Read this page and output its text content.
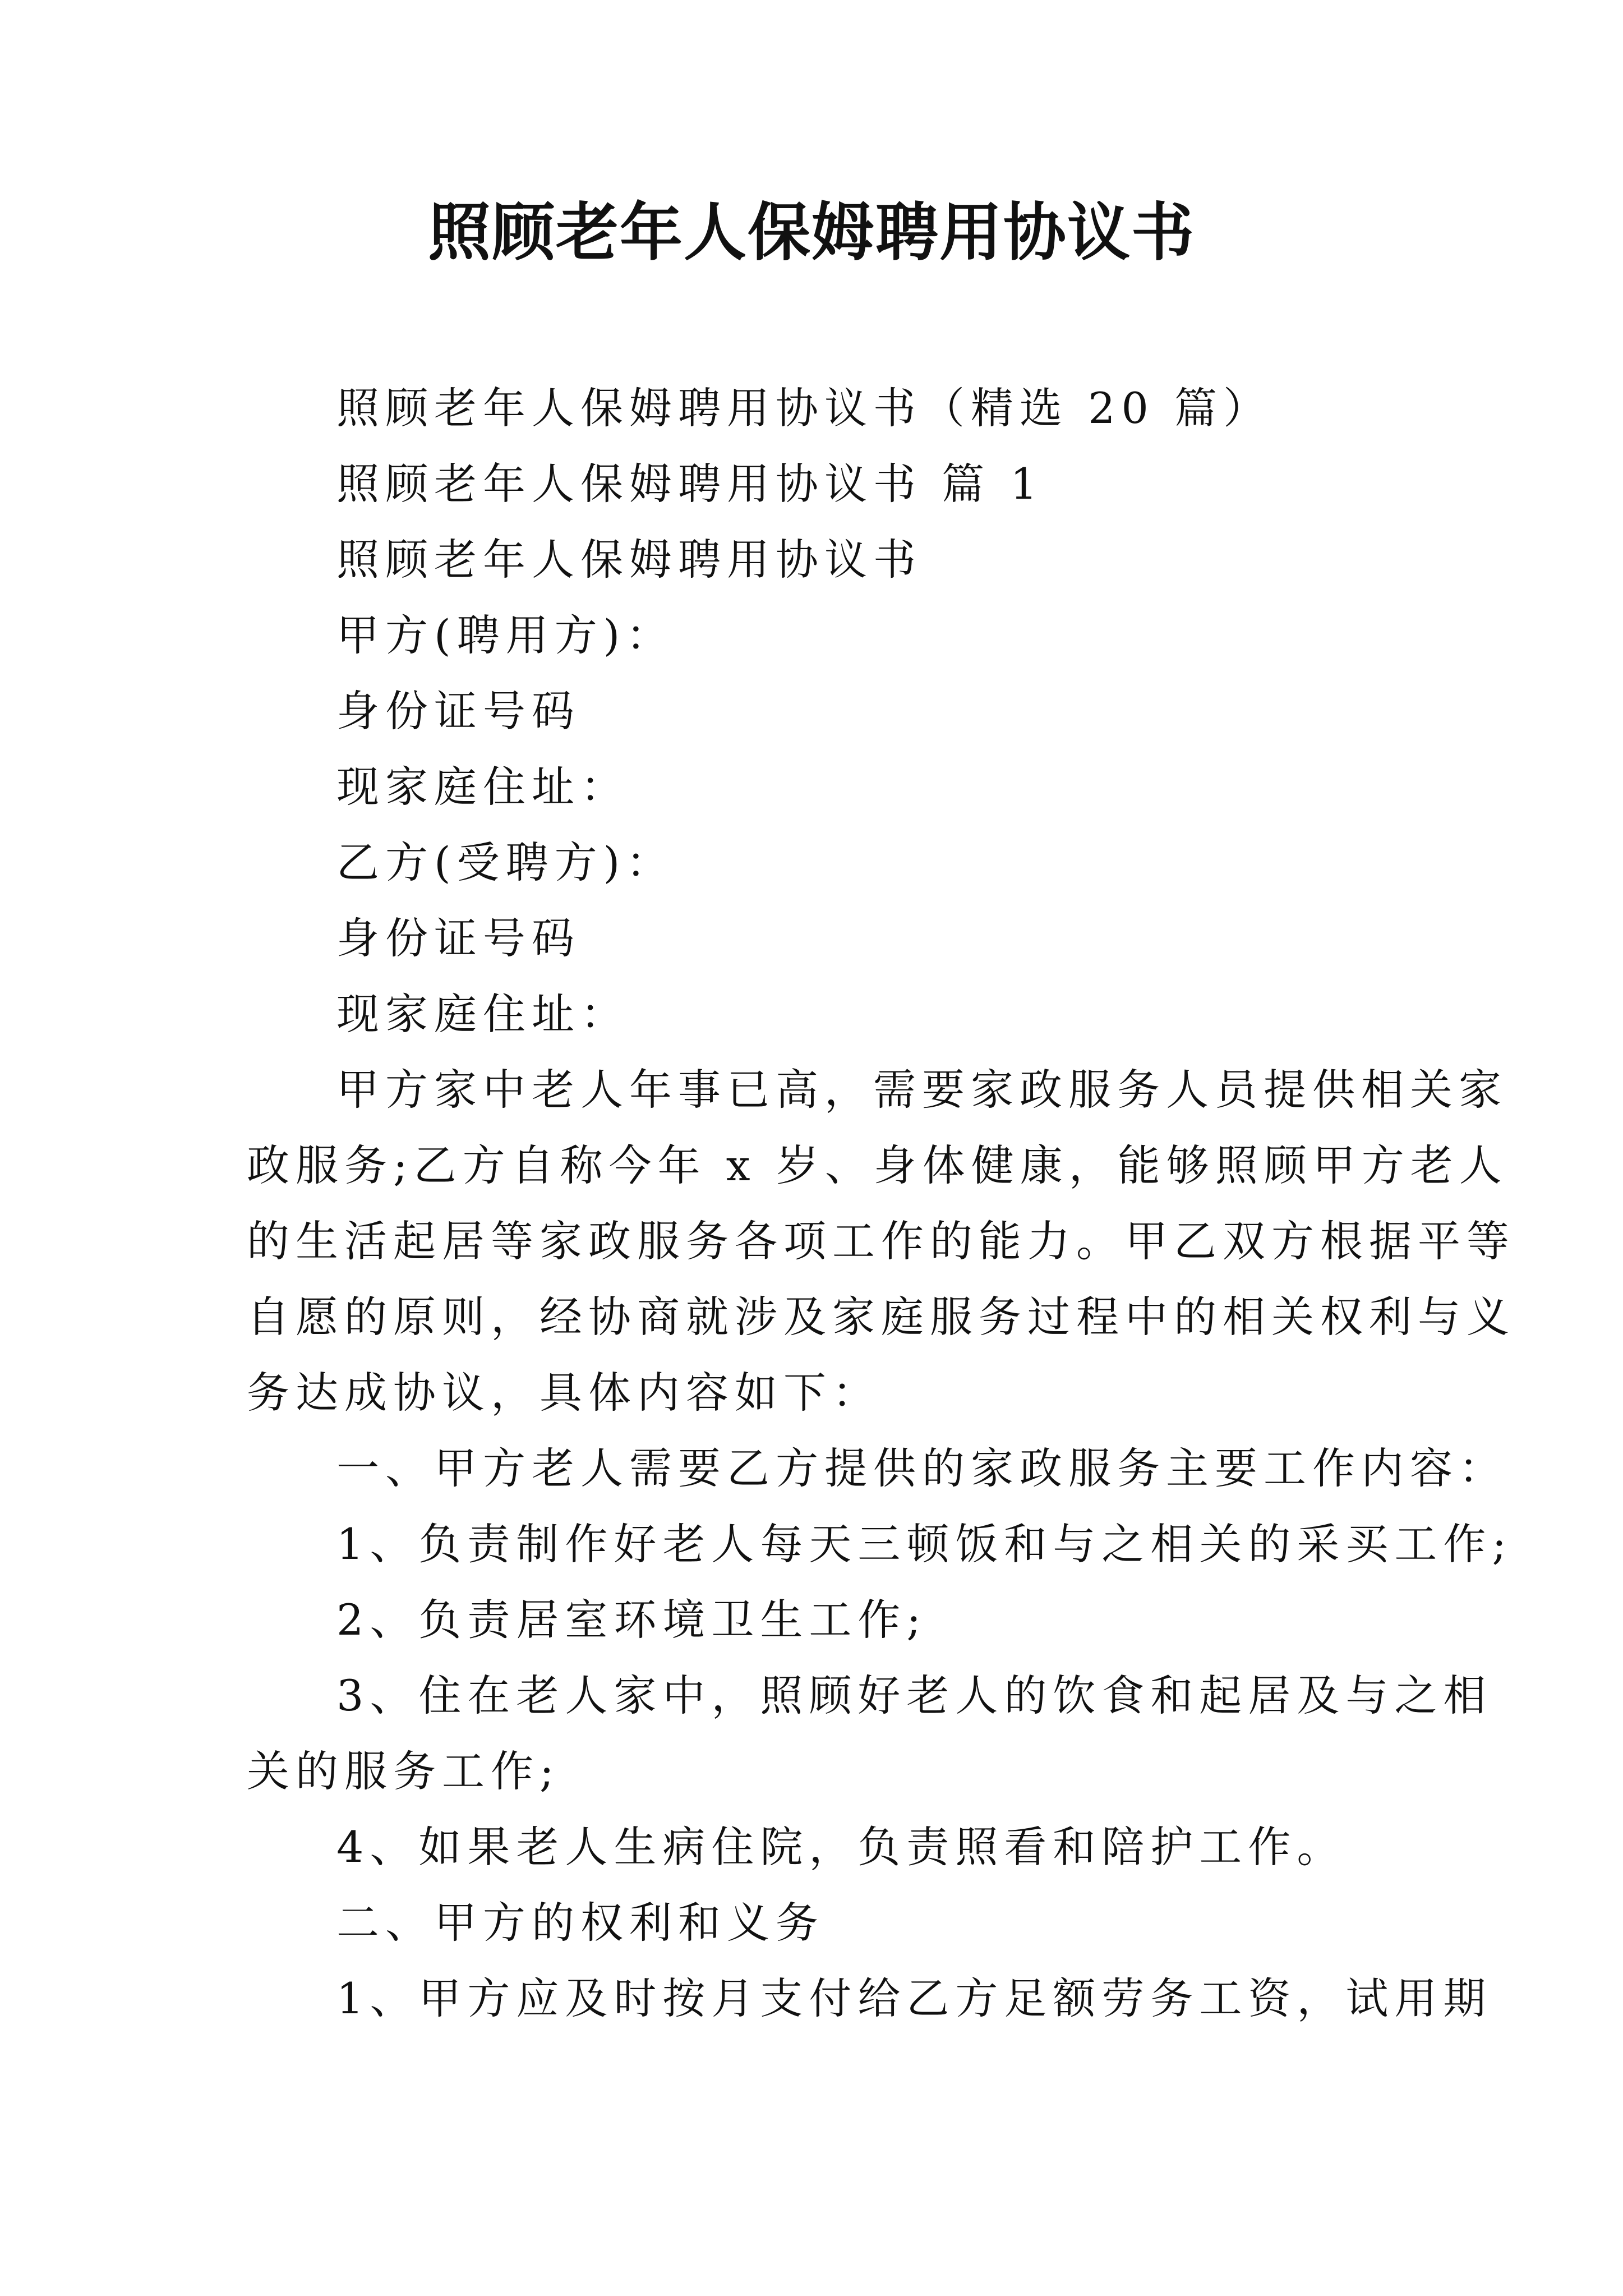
照顾老年人保姆聘用协议书
照顾老年人保姆聘用协议书（精选 20 篇）
照顾老年人保姆聘用协议书 篇 1
照顾老年人保姆聘用协议书
甲方(聘用方)：
身份证号码
现家庭住址：
乙方(受聘方)：
身份证号码
现家庭住址：
甲方家中老人年事已高，需要家政服务人员提供相关家
政服务;乙方自称今年 x 岁、身体健康，能够照顾甲方老人
的生活起居等家政服务各项工作的能力。甲乙双方根据平等
自愿的原则，经协商就涉及家庭服务过程中的相关权利与义
务达成协议，具体内容如下：
一、甲方老人需要乙方提供的家政服务主要工作内容：
1、负责制作好老人每天三顿饭和与之相关的采买工作;
2、负责居室环境卫生工作;
3、住在老人家中，照顾好老人的饮食和起居及与之相
关的服务工作;
4、如果老人生病住院，负责照看和陪护工作。
二、甲方的权利和义务
1、甲方应及时按月支付给乙方足额劳务工资，试用期
